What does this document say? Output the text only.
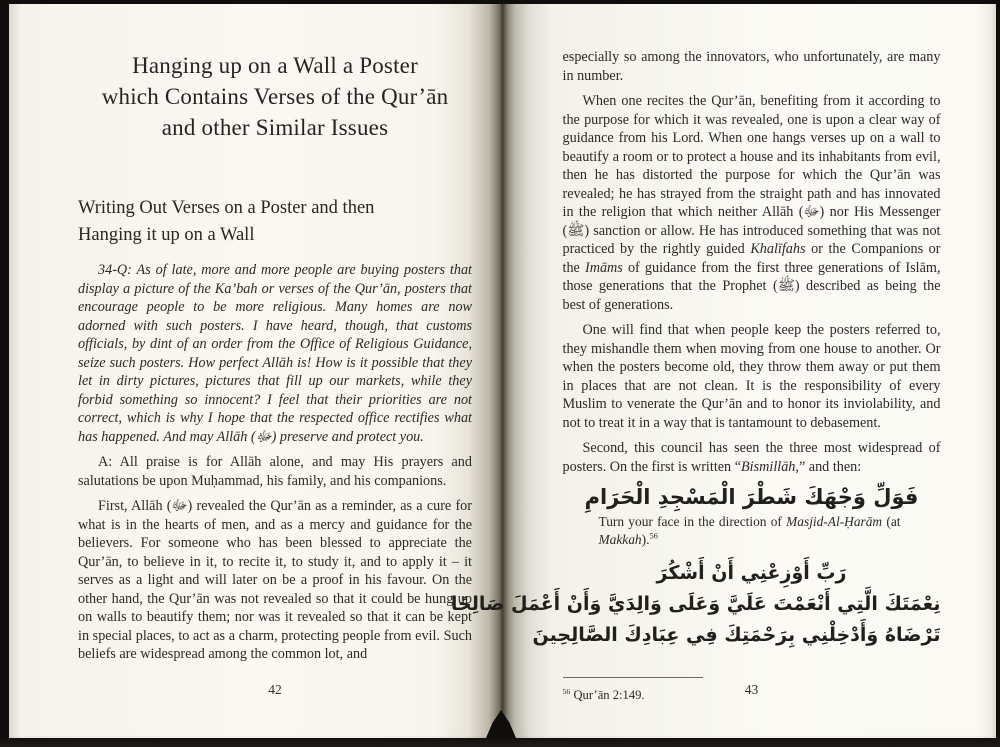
Hanging up on a Wall a Poster
which Contains Verses of the Qur’ān
and other Similar Issues
Writing Out Verses on a Poster and then
Hanging it up on a Wall

34-Q: As of late, more and more people are buying posters that display a picture of the Ka’bah or verses of the Qur’ān, posters that encourage people to be more religious. Many homes are now adorned with such posters. I have heard, though, that customs officials, by dint of an order from the Office of Religious Guidance, seize such posters. How perfect Allāh is! How is it possible that they let in dirty pictures, pictures that fill up our markets, while they forbid something so innocent? I feel that their priorities are not correct, which is why I hope that the respected office rectifies what has happened. And may Allāh (ﷻ) preserve and protect you.

A: All praise is for Allāh alone, and may His prayers and salutations be upon Muḥammad, his family, and his companions.

First, Allāh (ﷻ) revealed the Qur’ān as a reminder, as a cure for what is in the hearts of men, and as a mercy and guidance for the believers. For someone who has been blessed to appreciate the Qur’ān, to believe in it, to recite it, to study it, and to apply it – it serves as a light and will later on be a proof in his favour. On the other hand, the Qur’ān was not revealed so that it could be hung up on walls to beautify them; nor was it revealed so that it can be kept in special places, to act as a charm, protecting people from evil. Such beliefs are widespread among the common lot, and

42

especially so among the innovators, who unfortunately, are many in number.

When one recites the Qur’ān, benefiting from it according to the purpose for which it was revealed, one is upon a clear way of guidance from his Lord. When one hangs verses up on a wall to beautify a room or to protect a house and its inhabitants from evil, then he has distorted the purpose for which the Qur’ān was revealed; he has strayed from the straight path and has innovated in the religion that which neither Allāh (ﷻ) nor His Messenger (ﷺ) sanction or allow. He has introduced something that was not practiced by the rightly guided Khalīfahs or the Companions or the Imāms of guidance from the first three generations of Islām, those generations that the Prophet (ﷺ) described as being the best of generations.

One will find that when people keep the posters referred to, they mishandle them when moving from one house to another. Or when the posters become old, they throw them away or put them in places that are not clean. It is the responsibility of every Muslim to venerate the Qur’ān and to honor its inviolability, and not to treat it in a way that is tantamount to debasement.

Second, this council has seen the three most widespread of posters. On the first is written “Bismillāh,” and then:

فَوَلِّ وَجْهَكَ شَطْرَ الْمَسْجِدِ الْحَرَامِ

Turn your face in the direction of Masjid-Al-Ḥarām (at Makkah).$^{56}$

رَبِّ أَوْزِعْنِي أَنْ أَشْكُرَ
نِعْمَتَكَ الَّتِي أَنْعَمْتَ عَلَيَّ وَعَلَى وَالِدَيَّ وَأَنْ أَعْمَلَ صَالِحًا
تَرْضَاهُ وَأَدْخِلْنِي بِرَحْمَتِكَ فِي عِبَادِكَ الصَّالِحِينَ

$^{56}$ Qur’ān 2:149.	43
